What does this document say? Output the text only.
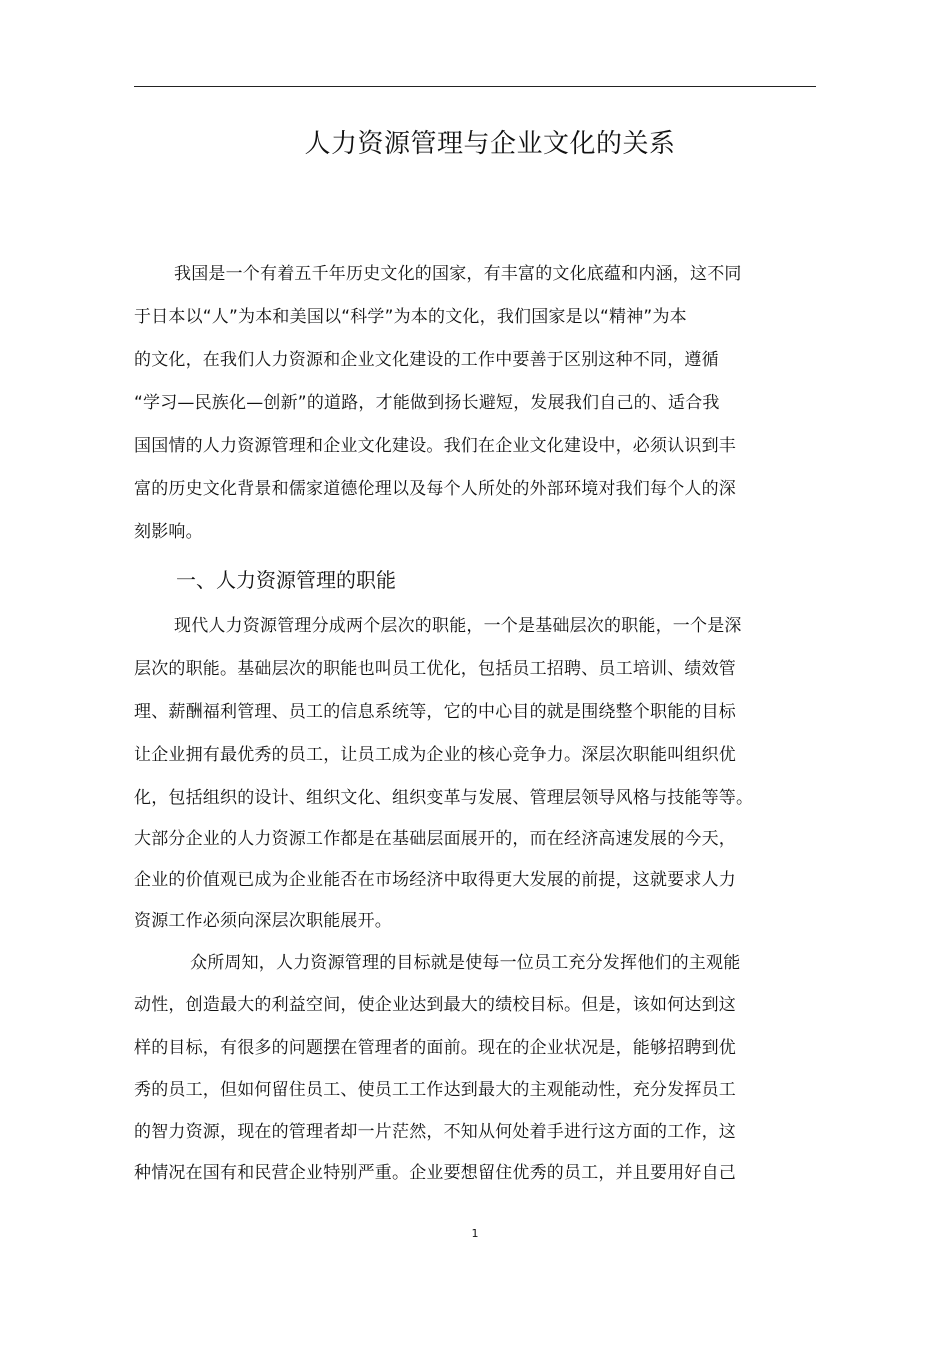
人力资源管理与企业文化的关系
我国是一个有着五千年历史文化的国家，有丰富的文化底蕴和内涵，这不同
于日本以“人”为本和美国以“科学”为本的文化，我们国家是以“精神”为本
的文化，在我们人力资源和企业文化建设的工作中要善于区别这种不同，遵循
“学习—民族化—创新”的道路，才能做到扬长避短，发展我们自己的、适合我
国国情的人力资源管理和企业文化建设。我们在企业文化建设中，必须认识到丰
富的历史文化背景和儒家道德伦理以及每个人所处的外部环境对我们每个人的深
刻影响。
一、人力资源管理的职能
现代人力资源管理分成两个层次的职能，一个是基础层次的职能，一个是深
层次的职能。基础层次的职能也叫员工优化，包括员工招聘、员工培训、绩效管
理、薪酬福利管理、员工的信息系统等，它的中心目的就是围绕整个职能的目标
让企业拥有最优秀的员工，让员工成为企业的核心竞争力。深层次职能叫组织优
化，包括组织的设计、组织文化、组织变革与发展、管理层领导风格与技能等等。
大部分企业的人力资源工作都是在基础层面展开的，而在经济高速发展的今天，
企业的价值观已成为企业能否在市场经济中取得更大发展的前提，这就要求人力
资源工作必须向深层次职能展开。
众所周知，人力资源管理的目标就是使每一位员工充分发挥他们的主观能
动性，创造最大的利益空间，使企业达到最大的绩校目标。但是，该如何达到这
样的目标，有很多的问题摆在管理者的面前。现在的企业状况是，能够招聘到优
秀的员工，但如何留住员工、使员工工作达到最大的主观能动性，充分发挥员工
的智力资源，现在的管理者却一片茫然，不知从何处着手进行这方面的工作，这
种情况在国有和民营企业特别严重。企业要想留住优秀的员工，并且要用好自己
1
